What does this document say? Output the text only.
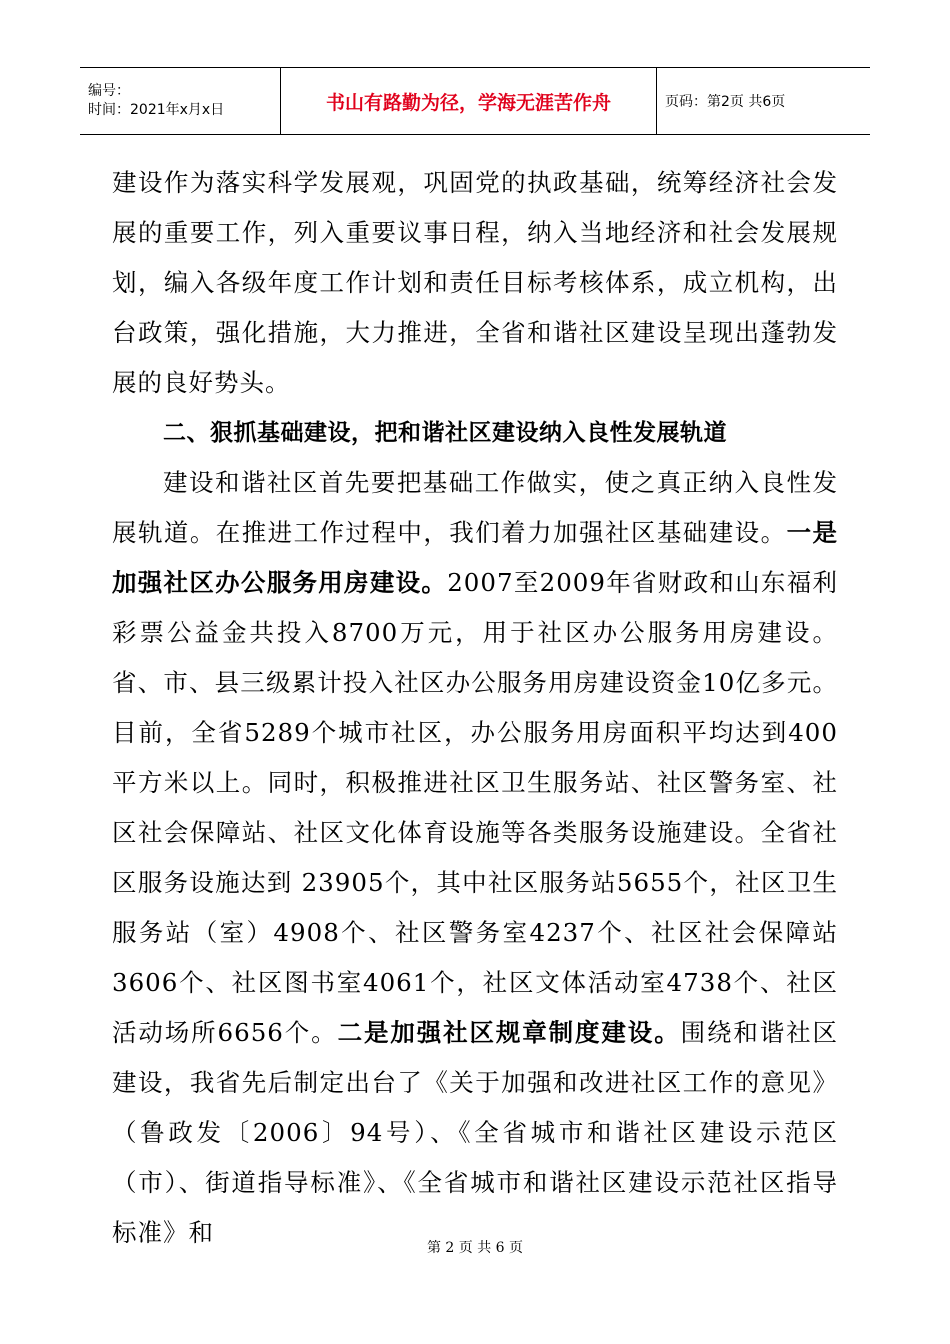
编号：
时间：2021年x月x日	书山有路勤为径，学海无涯苦作舟	页码：第2页 共6页

建设作为落实科学发展观，巩固党的执政基础，统筹经济社会发展的重要工作，列入重要议事日程，纳入当地经济和社会发展规划，编入各级年度工作计划和责任目标考核体系，成立机构，出台政策，强化措施，大力推进，全省和谐社区建设呈现出蓬勃发展的良好势头。

二、狠抓基础建设，把和谐社区建设纳入良性发展轨道

建设和谐社区首先要把基础工作做实，使之真正纳入良性发展轨道。在推进工作过程中，我们着力加强社区基础建设。一是加强社区办公服务用房建设。2007至2009年省财政和山东福利彩票公益金共投入8700万元，用于社区办公服务用房建设。省、市、县三级累计投入社区办公服务用房建设资金10亿多元。目前，全省5289个城市社区，办公服务用房面积平均达到400平方米以上。同时，积极推进社区卫生服务站、社区警务室、社区社会保障站、社区文化体育设施等各类服务设施建设。全省社区服务设施达到 23905个，其中社区服务站5655个，社区卫生服务站（室）4908个、社区警务室4237个、社区社会保障站3606个、社区图书室4061个，社区文体活动室4738个、社区活动场所6656个。二是加强社区规章制度建设。围绕和谐社区建设，我省先后制定出台了《关于加强和改进社区工作的意见》（鲁政发〔2006〕94号）、《全省城市和谐社区建设示范区（市）、街道指导标准》、《全省城市和谐社区建设示范社区指导标准》和

第 2 页 共 6 页
